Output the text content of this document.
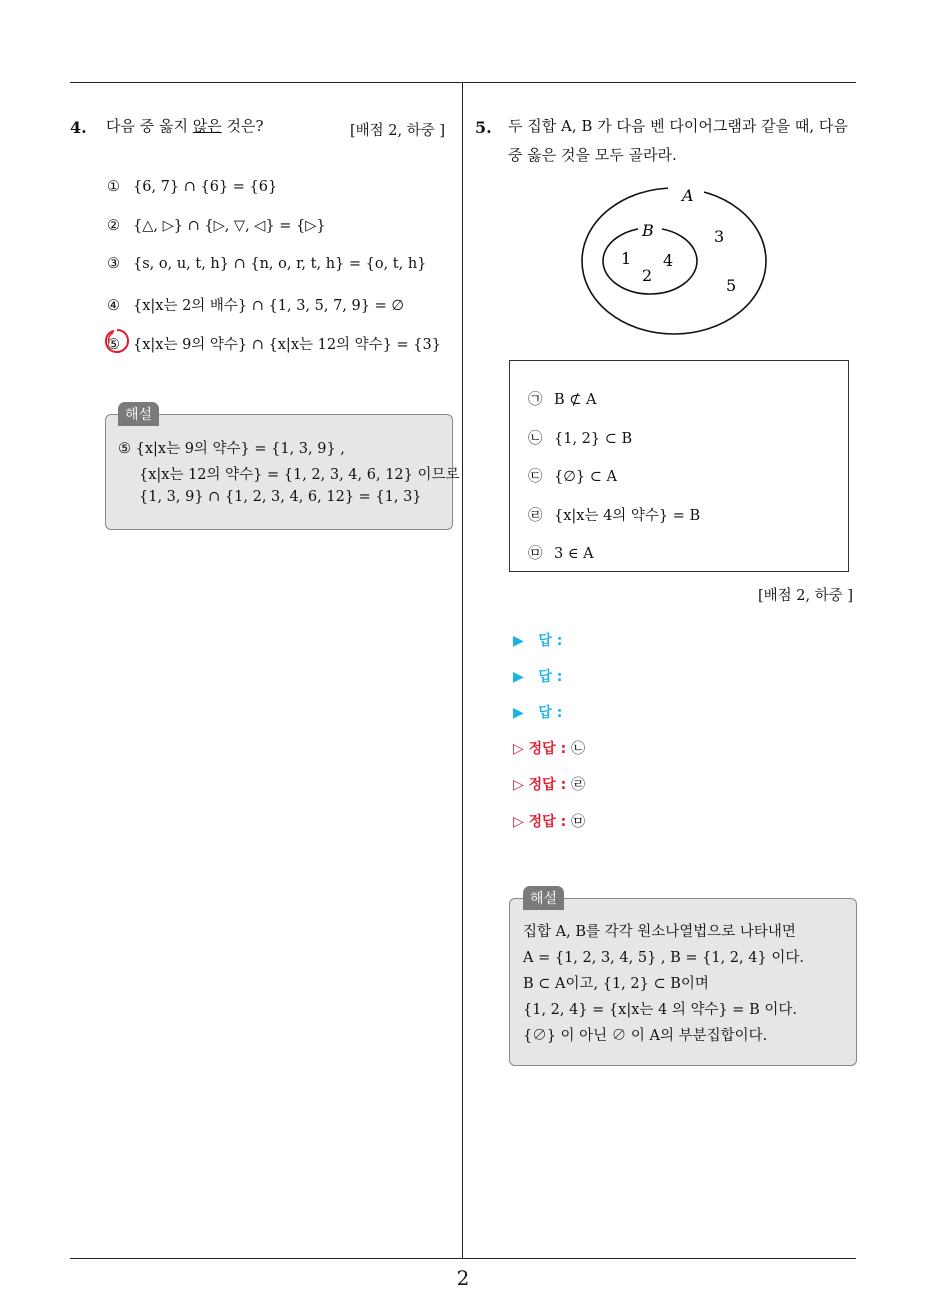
2
4. 다음 중 옳지 않은 것은?	[배점 2, 하중 ]
① {6, 7} ∩ {6} = {6}
② {△, ▷} ∩ {▷, ▽, ◁} = {▷}
③ {s, o, u, t, h} ∩ {n, o, r, t, h} = {o, t, h}
④ {x|x는 2의 배수} ∩ {1, 3, 5, 7, 9} = ∅
⑤ {x|x는 9의 약수} ∩ {x|x는 12의 약수} = {3}
해설
⑤ {x|x는 9의 약수} = {1, 3, 9} ,
{x|x는 12의 약수} = {1, 2, 3, 4, 6, 12} 이므로
{1, 3, 9} ∩ {1, 2, 3, 4, 6, 12} = {1, 3}
5. 두 집합 A, B 가 다음 벤 다이어그램과 같을 때, 다음
중 옳은 것을 모두 골라라.
A
B
1
2
4
3
5
㉠ B ⊄ A
㉡ {1, 2} ⊂ B
㉢ {∅} ⊂ A
㉣ {x|x는 4의 약수} = B
㉤ 3 ∈ A
[배점 2, 하중 ]
▶ 답 :
▶ 답 :
▶ 답 :
▷ 정답 : ㉡
▷ 정답 : ㉣
▷ 정답 : ㉤
해설
집합 A, B를 각각 원소나열법으로 나타내면
A = {1, 2, 3, 4, 5} , B = {1, 2, 4} 이다.
B ⊂ A이고, {1, 2} ⊂ B이며
{1, 2, 4} = {x|x는 4 의 약수} = B 이다.
{∅} 이 아닌 ∅ 이 A의 부분집합이다.
